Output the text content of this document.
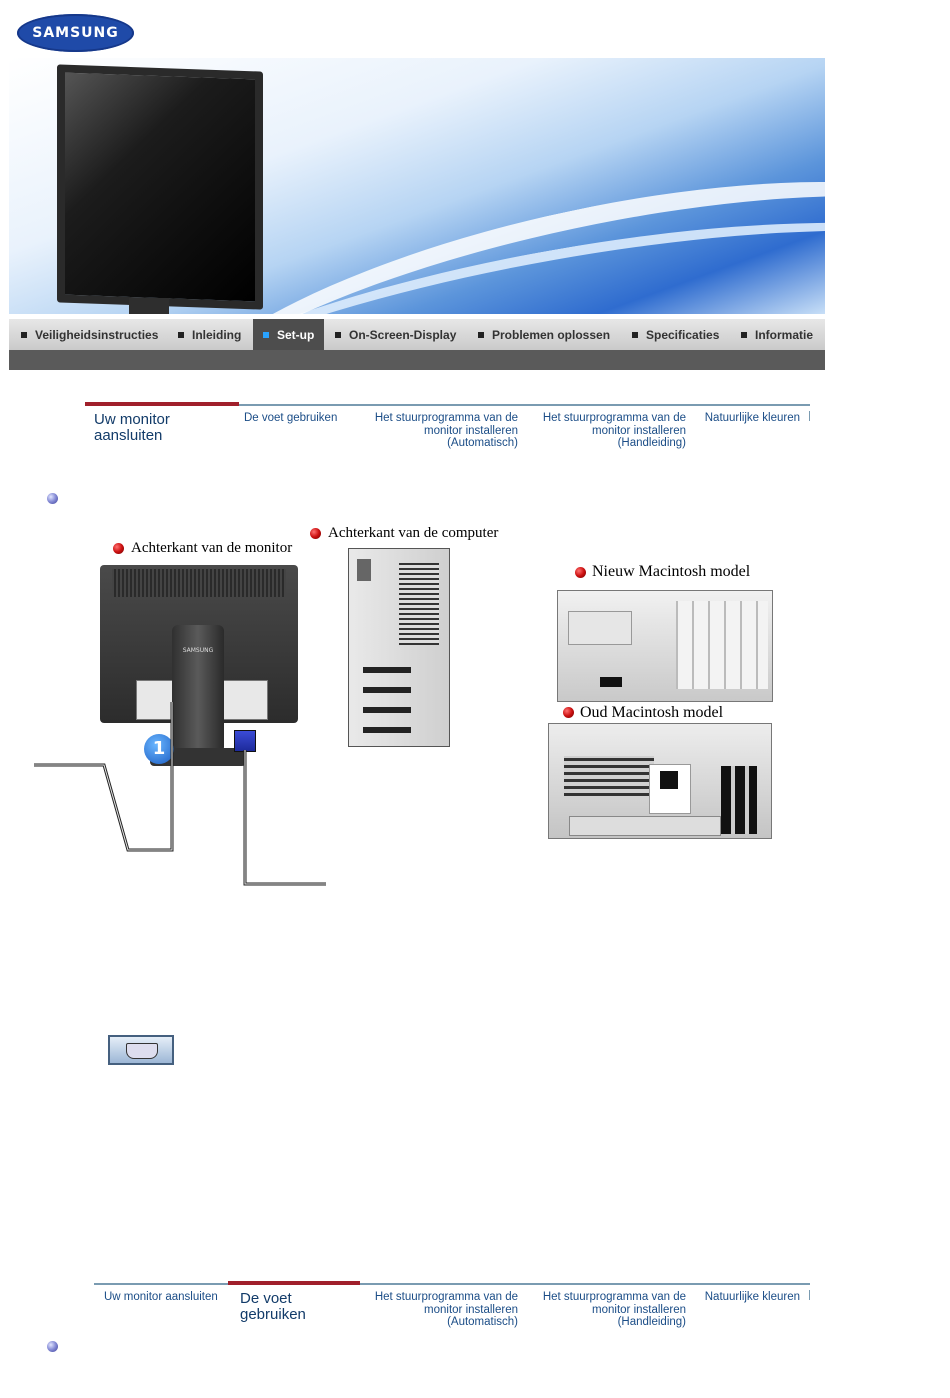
SAMSUNG
Veiligheidsinstructies	Inleiding	Set-up	On-Screen-Display	Problemen oplossen	Specificaties	Informatie
Uw monitor aansluiten
De voet gebruiken	Het stuurprogramma van de
monitor installeren
(Automatisch)
Het stuurprogramma van de
monitor installeren
(Handleiding)
Natuurlijke kleuren
Achterkant van de computer
Achterkant van de monitor
Nieuw Macintosh model
Oud Macintosh model
SAMSUNG
1
Uw monitor aansluiten	De voet gebruiken
Het stuurprogramma van de
monitor installeren
(Automatisch)
Het stuurprogramma van de
monitor installeren
(Handleiding)
Natuurlijke kleuren
